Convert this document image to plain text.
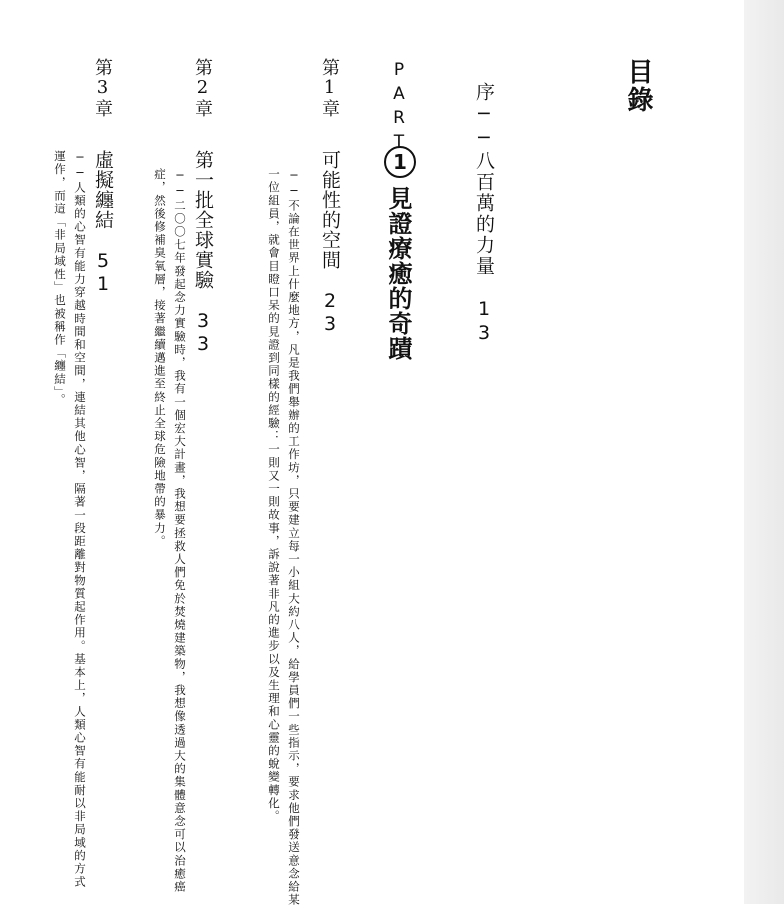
目錄
序──八百萬的力量　13
PART
1
見證療癒的奇蹟
第1章
可能性的空間　23
──不論在世界上什麼地方，凡是我們舉辦的工作坊，只要建立每一小組大約八人，給學員們一些指示，要求他們發送意念給某一位組員，就會目瞪口呆的見證到同樣的經驗：一則又一則故事，訴說著非凡的進步以及生理和心靈的蛻變轉化。
第2章
第一批全球實驗　33
──二〇〇七年發起念力實驗時，我有一個宏大計畫，我想要拯救人們免於焚燒建築物，我想像透過大的集體意念可以治癒癌症，然後修補臭氧層，接著繼續邁進至終止全球危險地帶的暴力。
第3章
虛擬纏結　51
──人類的心智有能力穿越時間和空間，連結其他心智，隔著一段距離對物質起作用。基本上，人類心智有能耐以非局域的方式運作，而這「非局域性」也被稱作「纏結」。
